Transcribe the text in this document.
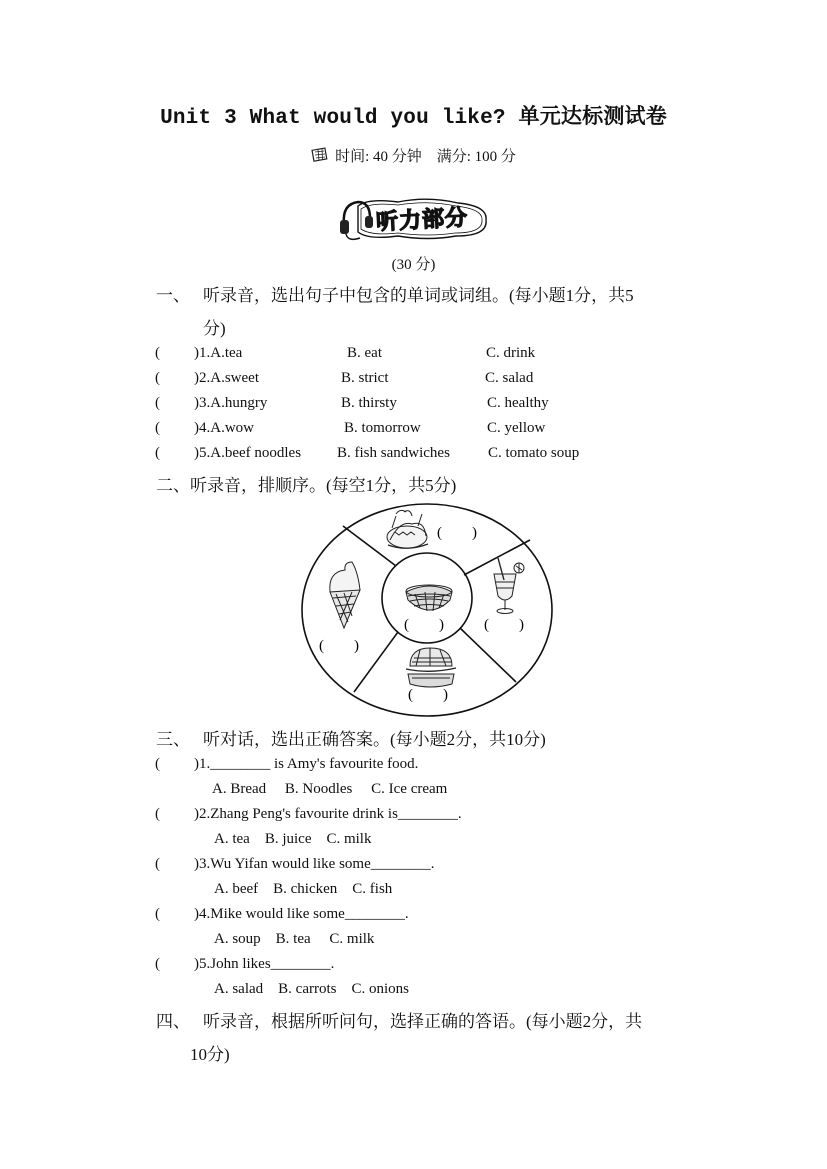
Unit 3 What would you like? 单元达标测试卷
时间: 40 分钟    满分: 100 分
听力部分
(30 分)
一、 听录音，选出句子中包含的单词或词组。(每小题1分，共5
分)
( )1.A.tea	B. eat	C. drink
( )2.A.sweet	B. strict	C. salad
( )3.A.hungry	B. thirsty	C. healthy
( )4.A.wow	B. tomorrow	C. yellow
( )5.A.beef noodles B. fish sandwiches	C. tomato soup
二、听录音，排顺序。(每空1分，共5分)
(        )
(        )
(        )	(        )
(        )
三、 听对话，选出正确答案。(每小题2分，共10分)
( )1.________ is Amy's favourite food.
A. Bread     B. Noodles     C. Ice cream
( )2.Zhang Peng's favourite drink is________.
A. tea    B. juice    C. milk
( )3.Wu Yifan would like some________.
A. beef    B. chicken    C. fish
( )4.Mike would like some________.
A. soup    B. tea     C. milk
( )5.John likes________.
A. salad    B. carrots    C. onions
四、 听录音，根据所听问句，选择正确的答语。(每小题2分，共
10分)
